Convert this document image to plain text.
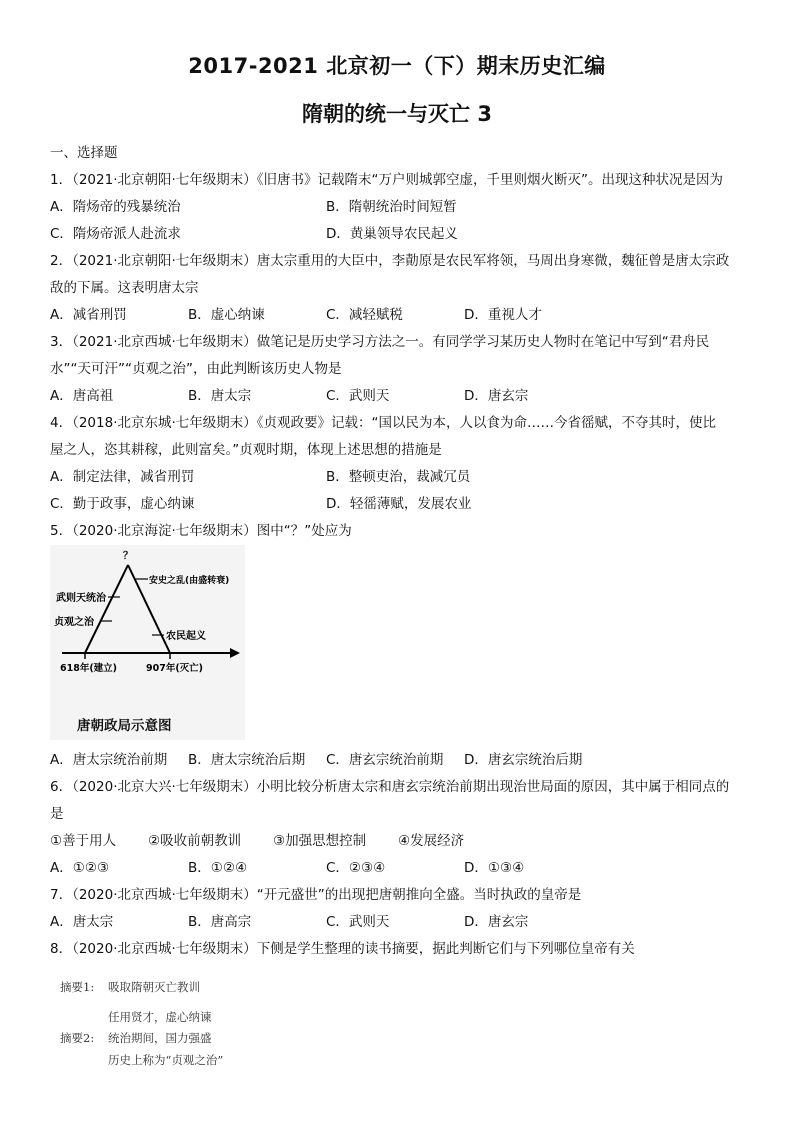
2017-2021 北京初一（下）期末历史汇编
隋朝的统一与灭亡 3
一、选择题
1．（2021·北京朝阳·七年级期末）《旧唐书》记载隋末“万户则城郭空虚，千里则烟火断灭”。出现这种状况是因为
A．隋炀帝的残暴统治	B．隋朝统治时间短暂
C．隋炀帝派人赴流求	D．黄巢领导农民起义
2．（2021·北京朝阳·七年级期末）唐太宗重用的大臣中，李勣原是农民军将领，马周出身寒微，魏征曾是唐太宗政
敌的下属。这表明唐太宗
A．减省刑罚	B．虚心纳谏	C．减轻赋税	D．重视人才
3．（2021·北京西城·七年级期末）做笔记是历史学习方法之一。有同学学习某历史人物时在笔记中写到“君舟民
水”“天可汗”“贞观之治”，由此判断该历史人物是
A．唐高祖	B．唐太宗	C．武则天	D．唐玄宗
4．（2018·北京东城·七年级期末）《贞观政要》记载：“国以民为本，人以食为命……今省徭赋，不夺其时，使比
屋之人，恣其耕稼，此则富矣。”贞观时期，体现上述思想的措施是
A．制定法律，减省刑罚	B．整顿吏治，裁减冗员
C．勤于政事，虚心纳谏	D．轻徭薄赋，发展农业
5．（2020·北京海淀·七年级期末）图中“？”处应为
？
武则天统治
贞观之治
安史之乱(由盛转衰)
农民起义
618年(建立)	907年(灭亡)
唐朝政局示意图
A．唐太宗统治前期 B．唐太宗统治后期 C．唐玄宗统治前期 D．唐玄宗统治后期
6．（2020·北京大兴·七年级期末）小明比较分析唐太宗和唐玄宗统治前期出现治世局面的原因，其中属于相同点的
是
①善于用人 ②吸收前朝教训 ③加强思想控制 ④发展经济
A．①②③	B．①②④	C．②③④	D．①③④
7．（2020·北京西城·七年级期末）“开元盛世”的出现把唐朝推向全盛。当时执政的皇帝是
A．唐太宗	B．唐高宗	C．武则天	D．唐玄宗
8．（2020·北京西城·七年级期末）下侧是学生整理的读书摘要，据此判断它们与下列哪位皇帝有关
摘要1: 吸取隋朝灭亡教训
任用贤才，虚心纳谏
摘要2: 统治期间，国力强盛
历史上称为“贞观之治”
